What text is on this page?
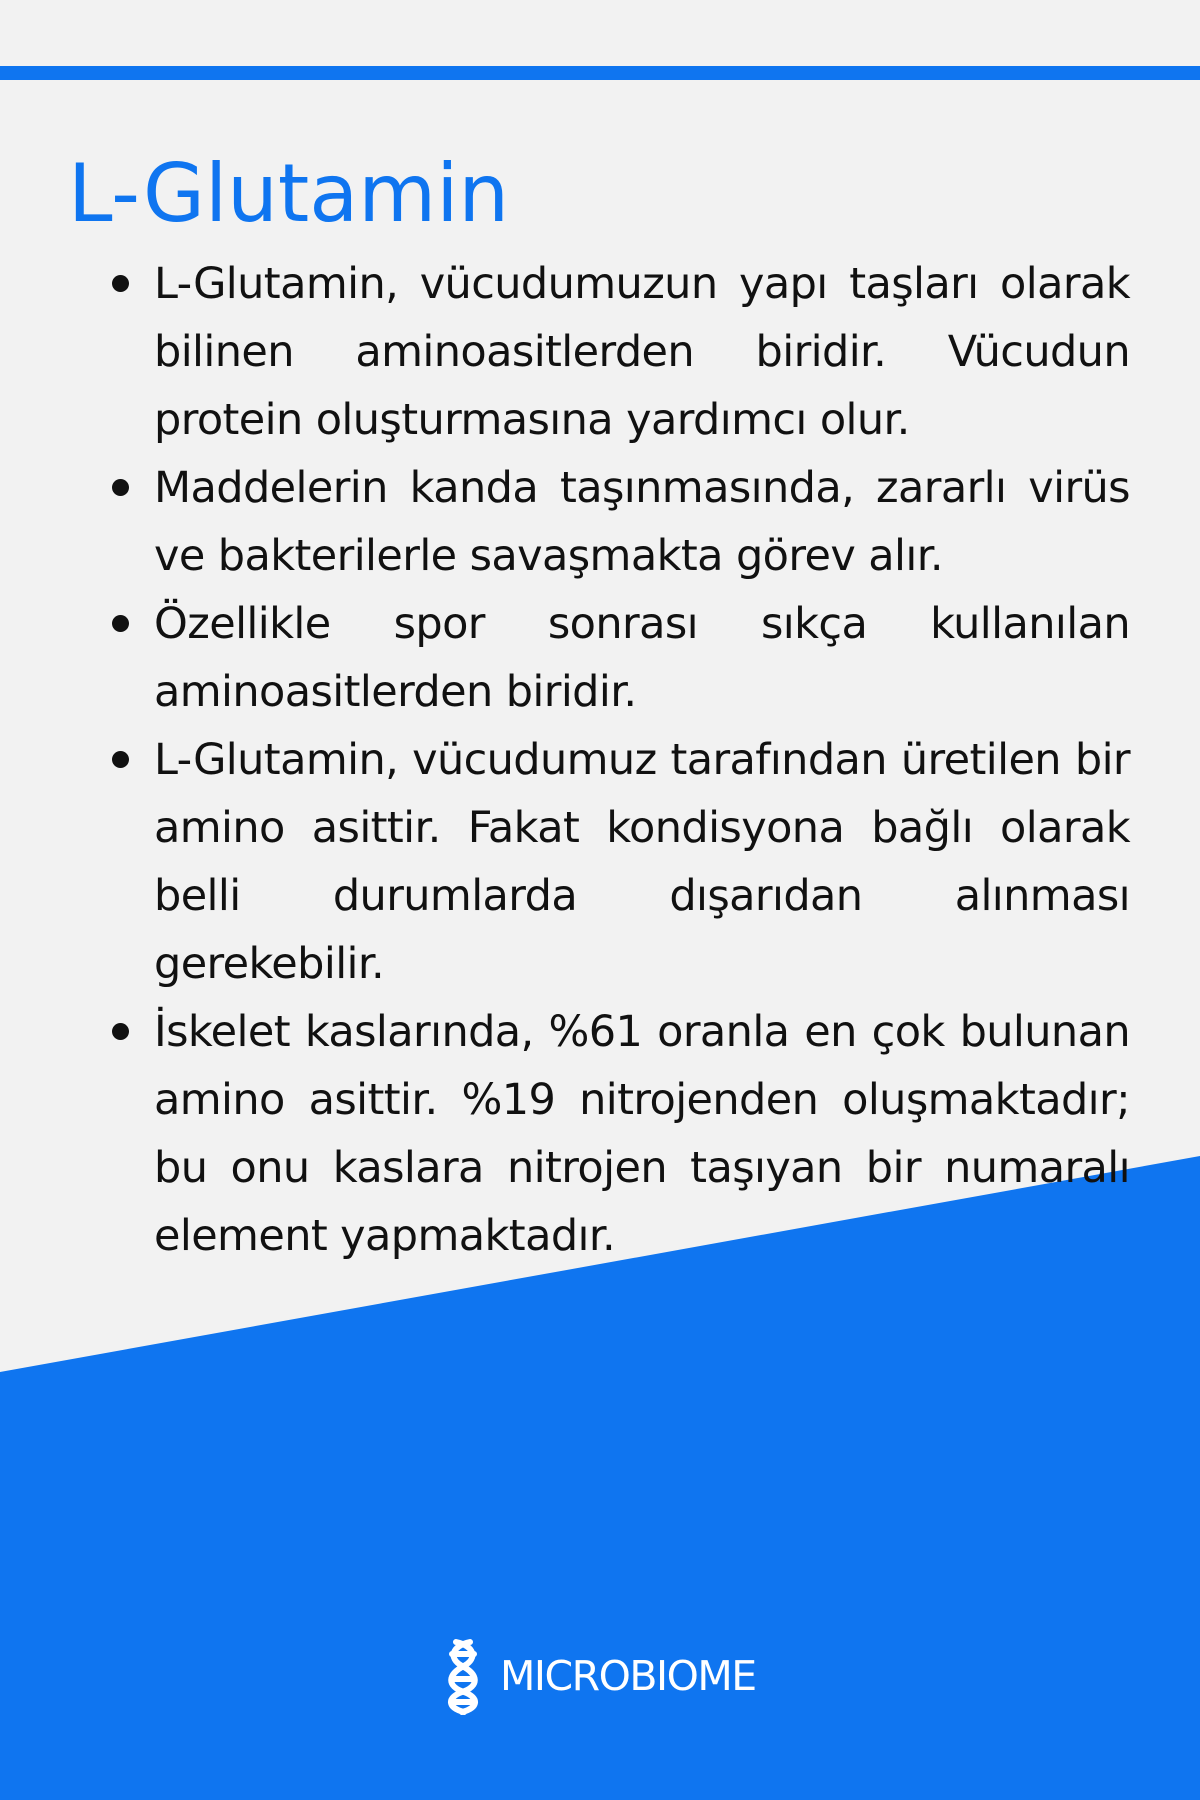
L-Glutamin
L-Glutamin, vücudumuzun yapı taşları olarak bilinen aminoasitlerden biridir. Vücudun protein oluşturmasına yardımcı olur.
Maddelerin kanda taşınmasında, zararlı virüs ve bakterilerle savaşmakta görev alır.
Özellikle spor sonrası sıkça kullanılan aminoasitlerden biridir.
L-Glutamin, vücudumuz tarafından üretilen bir amino asittir. Fakat kondisyona bağlı olarak belli durumlarda dışarıdan alınması gerekebilir.
İskelet kaslarında, %61 oranla en çok bulunan amino asittir. %19 nitrojenden oluşmaktadır; bu onu kaslara nitrojen taşıyan bir numaralı element yapmaktadır.
MICROBIOME
